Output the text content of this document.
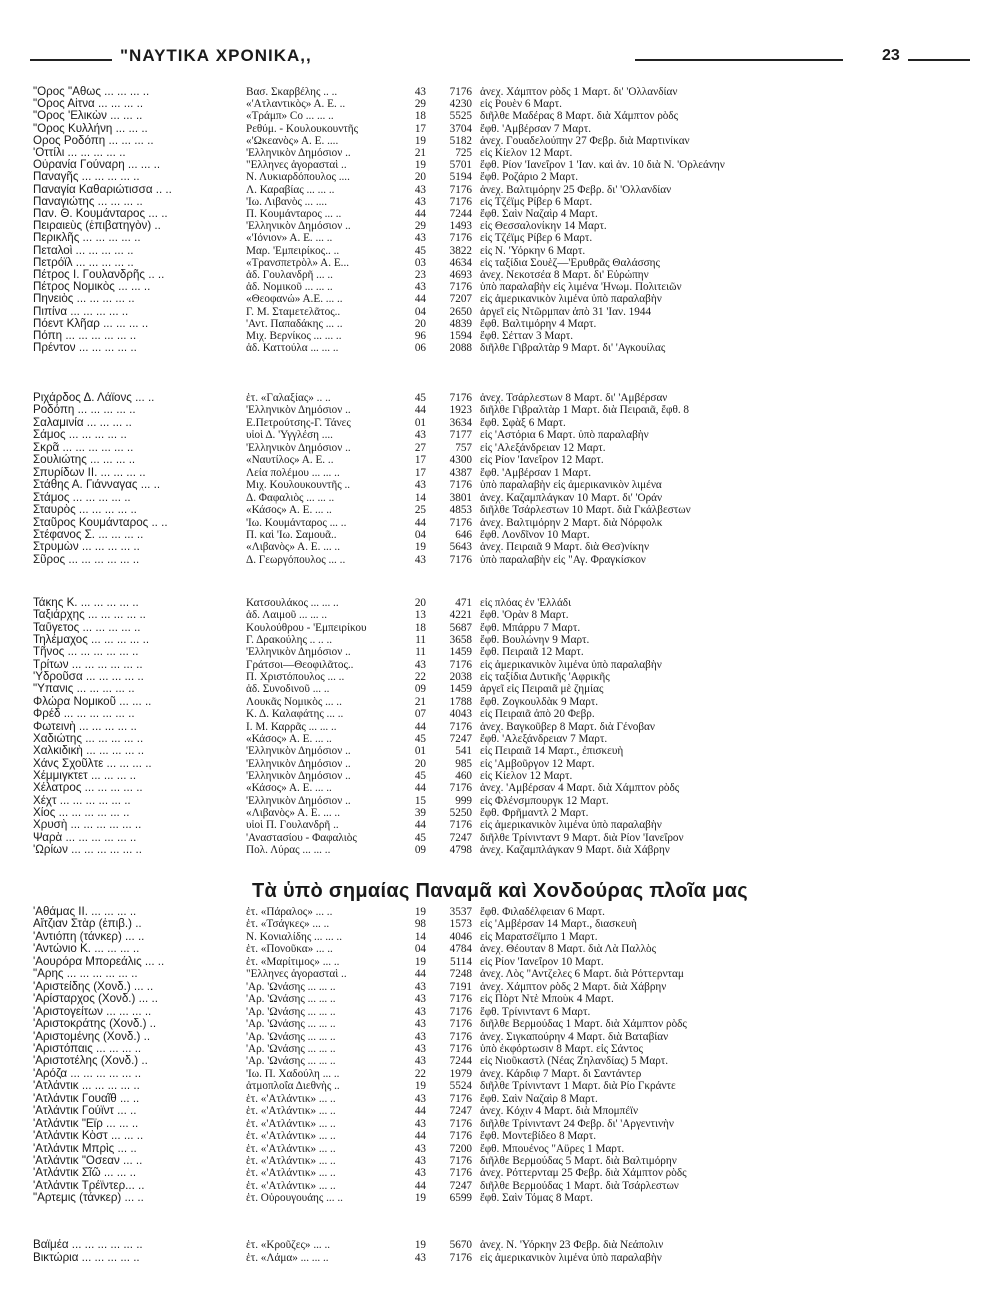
"ΝΑΥΤΙΚΑ ΧΡΟΝΙΚΑ,,	23
"Ορος "Αθως ... ... ... ..	Βασ. Σκαρβέλης .. ..	43	7176 ἀνεχ. Χάμπτον ρὸδς 1 Μαρτ. δι' 'Ολλανδίαν
"Ορος Αἶτνα ... ... ... ..	«'Ατλαντικὸς» Α. Ε. ..	29	4230 εἰς Ρουὲν 6 Μαρτ.
"Ορος 'Ελικὼν ... ... ..	«Τράμπ» Co ... ... ..	18	5525 διῆλθε Μαδέρας 8 Μαρτ. διὰ Χάμπτον ρὸδς
"Ορος Κυλλήνη ... ... ..	Ρεθύμ. - Κουλουκουντῆς	17	3704 ἔφθ. 'Αμβέρσαν 7 Μαρτ.
Ορος Ροδόπη ... ... ... ..	«'Ωκεανὸς» Α. Ε. ....	19	5182 ἀνεχ. Γουαδελούπην 27 Φεβρ. διὰ Μαρτινίκαν
'Οττίλι ... ... ... ... ..	'Ελληνικὸν Δημόσιον ..	21	725 εἰς Κίελον 12 Μαρτ.
Οὐρανία Γούναρη ... ... ..	"Ελληνες ἀγορασταὶ ..	19	5701 ἔφθ. Ρίον 'Ιανεΐρον 1 'Ιαν. καὶ ἀν. 10 διὰ Ν. 'Ορλεάνην
Παναγῆς ... ... ... ... ..	Ν. Λυκιαρδόπουλος ....	20	5194 ἔφθ. Ροζάριο 2 Μαρτ.
Παναγία Καθαριώτισσα .. ..	Λ. Καραβίας ... ... ..	43	7176 ἀνεχ. Βαλτιμόρην 25 Φεβρ. δι' 'Ολλανδίαν
Παναγιώτης ... ... ... ..	'Ιω. Λιβανὸς ... ....	43	7176 εἰς Τζέϊμς Ρίβερ 6 Μαρτ.
Παν. Θ. Κουμάνταρος ... ..	Π. Κουμάνταρος ... ..	44	7244 ἔφθ. Σαὶν Ναζαὶρ 4 Μαρτ.
Πειραιεὺς (ἐπιβατηγὸν) ..	'Ελληνικὸν Δημόσιον ..	29	1493 εἰς Θεσσαλονίκην 14 Μαρτ.
Περικλῆς ... ... ... ... ..	«'Ιόνιον» Α. Ε. ... ..	43	7176 εἰς Τζέϊμς Ρίβερ 6 Μαρτ.
Πεταλοὶ ... ... ... ... ..	Μαρ. 'Εμπειρίκος.. ..	45	3822 εἰς Ν. 'Υόρκην 6 Μαρτ.
Πετρόϊλ ... ... ... ... ..	«Τρανσπετρὸλ» Α. Ε...	03	4634 εἰς ταξίδια Σουὲζ—'Ερυθρᾶς Θαλάσσης
Πέτρος Ι. Γουλανδρῆς .. ..	ἀδ. Γουλανδρῆ ... ..	23	4693 ἀνεχ. Νεκοτσέα 8 Μαρτ. δι' Εὐρώπην
Πέτρος Νομικὸς ... ... ..	ἀδ. Νομικοῦ ... ... ..	43	7176 ὑπὸ παραλαβὴν εἰς λιμένα 'Ηνωμ. Πολιτειῶν
Πηνειὸς ... ... ... ... ..	«Θεοφανώ» Α.Ε. ... ..	44	7207 εἰς ἀμερικανικὸν λιμένα ὑπὸ παραλαβὴν
Πιπίνα ... ... ... ... ..	Γ. Μ. Σταμετελᾶτος..	04	2650 ἀργεῖ εἰς Ντῶρμπαν ἀπὸ 31 'Ιαν. 1944
Πόεντ Κλῆαρ ... ... ... ..	'Αντ. Παπαδάκης ... ..	20	4839 ἔφθ. Βαλτιμόρην 4 Μαρτ.
Πόπη ... ... ... ... ... ..	Μιχ. Βερνίκος ... ... ..	96	1594 ἔφθ. Σέτταν 3 Μαρτ.
Πρέντον ... ... ... ... ..	ἀδ. Καττούλα ... ... ..	06	2088 διῆλθε Γιβραλτὰρ 9 Μαρτ. δι' 'Αγκουίλας
Ριχάρδος Δ. Λάϊονς ... ..	ἑτ. «Γαλαξίας» .. ..	45	7176 ἀνεχ. Τσάρλεστων 8 Μαρτ. δι' 'Αμβέρσαν
Ροδόπη ... ... ... ... ..	'Ελληνικὸν Δημόσιον ..	44	1923 διῆλθε Γιβραλτὰρ 1 Μαρτ. διὰ Πειραιᾶ, ἔφθ. 8
Σαλαμινία ... ... ... ..	Ε.Πετρούτσης-Γ. Τάνες	01	3634 ἔφθ. Σφὰξ 6 Μαρτ.
Σάμος ... ... ... ... ..	υἱοὶ Δ. 'Υγγλέση ....	43	7177 εἰς 'Αστόρια 6 Μαρτ. ὑπὸ παραλαβὴν
Σκρᾶ ... ... ... ... ... ..	'Ελληνικὸν Δημόσιον ..	27	757 εἰς 'Αλεξάνδρειαν 12 Μαρτ.
Σουλιώτης ... ... ... ..	«Ναυτίλος» Α. Ε. ..	17	4300 εἰς Ρίον 'Ιανεΐρον 12 Μαρτ.
Σπυρίδων ΙΙ. ... ... ... ..	Λεία πολέμου ... ... ..	17	4387 ἔφθ. 'Αμβέρσαν 1 Μαρτ.
Στάθης Α. Γιάνναγας ... ..	Μιχ. Κουλουκουντῆς ..	43	7176 ὑπὸ παραλαβὴν εἰς ἀμερικανικὸν λιμένα
Στάμος ... ... ... ... ..	Δ. Φαφαλιὸς ... ... ..	14	3801 ἀνεχ. Καζαμπλάγκαν 10 Μαρτ. δι' 'Οράν
Σταυρὸς ... ... ... ... ..	«Κάσος» Α. Ε. ... ..	25	4853 διῆλθε Τσάρλεστων 10 Μαρτ. διὰ Γκάλβεστων
Σταῦρος Κουμάνταρος .. ..	'Ιω. Κουμάνταρος ... ..	44	7176 ἀνεχ. Βαλτιμόρην 2 Μαρτ. διὰ Νόρφολκ
Στέφανος Σ. ... ... ... ..	Π. καὶ 'Ιω. Σαμουᾶ..	04	646 ἔφθ. Λονδῖνον 10 Μαρτ.
Στρυμὼν ... ... ... ... ..	«Λιβανὸς» Α. Ε. ... ..	19	5643 ἀνεχ. Πειραιᾶ 9 Μαρτ. διὰ Θεσ)νίκην
Σῦρος ... ... ... ... ... ..	Δ. Γεωργόπουλος ... ..	43	7176 ὑπὸ παραλαβὴν εἰς "Αγ. Φραγκίσκον
Τάκης Κ. ... ... ... ... ..	Κατσουλάκος ... ... ..	20	471 εἰς πλόας ἐν 'Ελλάδι
Ταξιάρχης ... ... ... ... ..	ἀδ. Λαιμοῦ ... ... ..	13	4221 ἔφθ. 'Ορὰν 8 Μαρτ.
Ταΰγετος ... ... ... ... ..	Κουλούθρου - 'Εμπειρίκου	18	5687 ἔφθ. Μπάρρυ 7 Μαρτ.
Τηλέμαχος ... ... ... ... ..	Γ. Δρακούλης .. .. ..	11	3658 ἔφθ. Βουλώνην 9 Μαρτ.
Τῆνος ... ... ... ... ... ..	'Ελληνικὸν Δημόσιον ..	11	1459 ἔφθ. Πειραιᾶ 12 Μαρτ.
Τρίτων ... ... ... ... ... ..	Γράτσοι—Θεοφιλᾶτος..	43	7176 εἰς ἀμερικανικὸν λιμένα ὑπὸ παραλαβὴν
'Υδροῦσα ... ... ... ... ..	Π. Χριστόπουλος ... ..	22	2038 εἰς ταξίδια Δυτικῆς 'Αφρικῆς
"Υπανις ... ... ... ... ..	ἀδ. Συνοδινοῦ ... ..	09	1459 ἀργεῖ εἰς Πειραιᾶ μὲ ζημίας
Φλώρα Νομικοῦ ... ... ..	Λουκᾶς Νομικὸς ... ..	21	1788 ἔφθ. Ζογκουλδὰκ 9 Μαρτ.
Φρέδ ... ... ... ... ... ..	Κ. Δ. Καλαφάτης ... ..	07	4043 εἰς Πειραιᾶ ἀπὸ 20 Φεβρ.
Φωτεινὴ ... ... ... ... ..	Ι. Μ. Καρρᾶς ... ... ..	44	7176 ἀνεχ. Βαγκοῦβερ 8 Μαρτ. διὰ Γένοβαν
Χαδιώτης ... ... ... ... ..	«Κάσος» Α. Ε. ... ..	45	7247 ἔφθ. 'Αλεξάνδρειαν 7 Μαρτ.
Χαλκιδικὴ ... ... ... ... ..	'Ελληνικὸν Δημόσιον ..	01	541 εἰς Πειραιᾶ 14 Μαρτ., ἐπισκευὴ
Χάνς Σχοῦλτε ... ... ... ..	'Ελληνικὸν Δημόσιον ..	20	985 εἰς 'Αμβοῦργον 12 Μαρτ.
Χέμμιγκτετ ... ... ... ..	'Ελληνικὸν Δημόσιον ..	45	460 εἰς Κίελον 12 Μαρτ.
Χέλατρος ... ... ... ... ..	«Κάσος» Α. Ε. ... ..	44	7176 ἀνεχ. 'Αμβέρσαν 4 Μαρτ. διὰ Χάμπτον ρὸδς
Χέχτ ... ... ... ... ... ..	'Ελληνικὸν Δημόσιον ..	15	999 εἰς Φλένσμπουργκ 12 Μαρτ.
Χίος ... ... ... ... ... ..	«Λιβανὸς» Α. Ε. ... ..	39	5250 ἔφθ. Φρῆμαντλ 2 Μαρτ.
Χρυσὴ ... ... ... ... ... ..	υἱοὶ Π. Γουλανδρῆ ..	44	7176 εἰς ἀμερικανικὸν λιμένα ὑπὸ παραλαβὴν
Ψαρὰ ... ... ... ... ... ..	'Αναστασίου - Φαφαλιὸς	45	7247 διῆλθε Τρίνινταντ 9 Μαρτ. διὰ Ρίον 'Ιανεΐρον
'Ωρίων ... ... ... ... ... ..	Πολ. Λύρας ... ... ..	09	4798 ἀνεχ. Καζαμπλάγκαν 9 Μαρτ. διὰ Χάβρην
'Αθάμας ΙΙ. ... ... ... ..	ἑτ. «Πάραλος» ... ..	19	3537 ἔφθ. Φιλαδέλφειαν 6 Μαρτ.
Αἴτζιαν Στὰρ (ἐπιβ.) ..	ἑτ. «Τσάγκες» ... ..	98	1573 εἰς 'Αμβέρσαν 14 Μαρτ., διασκευὴ
'Αντιόπη (τάνκερ) ... ..	Ν. Κονιαλίδης ... ... ..	14	4046 εἰς Μαρατσέϊμπο 1 Μαρτ.
'Αντώνιο Κ. ... ... ... ..	ἑτ. «Πονοῦκα» ... ..	04	4784 ἀνεχ. Θέουταν 8 Μαρτ. διὰ Λὰ Παλλὸς
'Αουρόρα Μπορεάλις ... ..	ἑτ. «Μαρίτιμος» ... ..	19	5114 εἰς Ρίον 'Ιανεΐρον 10 Μαρτ.
"Αρης ... ... ... ... ... ..	"Ελληνες ἀγορασταὶ ..	44	7248 ἀνεχ. Λὸς "Αντζελες 6 Μαρτ. διὰ Ρόττερνταμ
'Αριστείδης (Χονδ.) ... ..	'Αρ. 'Ωνάσης ... ... ..	43	7191 ἀνεχ. Χάμπτον ρὸδς 2 Μαρτ. διὰ Χάβρην
'Αρίσταρχος (Χονδ.) ... ..	'Αρ. 'Ωνάσης ... ... ..	43	7176 εἰς Πὸρτ Ντὲ Μποὺκ 4 Μαρτ.
'Αριστογείτων ... ... ... ..	'Αρ. 'Ωνάσης ... ... ..	43	7176 ἔφθ. Τρίνινταντ 6 Μαρτ.
'Αριστοκράτης (Χονδ.) ..	'Αρ. 'Ωνάσης ... ... ..	43	7176 διῆλθε Βερμούδας 1 Μαρτ. διὰ Χάμπτον ρὸδς
'Αριστομένης (Χονδ.) ..	'Αρ. 'Ωνάσης ... ... ..	43	7176 ἀνεχ. Σιγκαπούρην 4 Μαρτ. διὰ Βαταβίαν
'Αριστόπαις ... ... ... ..	'Αρ. 'Ωνάσης ... ... ..	43	7176 ὑπὸ ἐκφόρτωσιν 8 Μαρτ. εἰς Σάντος
'Αριστοτέλης (Χονδ.) ..	'Αρ. 'Ωνάσης ... ... ..	43	7244 εἰς Νιοῦκαστλ (Νέας Ζηλανδίας) 5 Μαρτ.
'Αρόζα ... ... ... ... ... ..	'Ιω. Π. Χαδούλη ... ..	22	1979 ἀνεχ. Κάρδιφ 7 Μαρτ. δι Σαντάντερ
'Ατλάντικ ... ... ... ... ..	ἀτμοπλοΐα Διεθνὴς ..	19	5524 διῆλθε Τρίνινταντ 1 Μαρτ. διὰ Ρίο Γκράντε
'Ατλάντικ Γουαῖθ ... ..	ἑτ. «'Ατλάντικ» ... ..	43	7176 ἔφθ. Σαὶν Ναζαὶρ 8 Μαρτ.
'Ατλάντικ Γούϊντ ... ..	ἑτ. «'Ατλάντικ» ... ..	44	7247 ἀνεχ. Κόχιν 4 Μαρτ. διὰ Μπομπέϊν
'Ατλάντικ "Εϊρ ... ... ..	ἑτ. «'Ατλάντικ» ... ..	43	7176 διῆλθε Τρίνινταντ 24 Φεβρ. δι' 'Αργεντινὴν
'Ατλάντικ Κὸστ ... ... ..	ἑτ. «'Ατλάντικ» ... ..	44	7176 ἔφθ. Μοντεβίδεο 8 Μαρτ.
'Ατλάντικ Μπρὶς ... ..	ἑτ. «'Ατλάντικ» ... ..	43	7200 ἔφθ. Μπουένος "Αϋρες 1 Μαρτ.
'Ατλάντικ "Οσεαν ... ..	ἑτ. «'Ατλάντικ» ... ..	43	7176 διῆλθε Βερμούδας 5 Μαρτ. διὰ Βαλτιμόρην
'Ατλάντικ Σῖῶ ... ... ..	ἑτ. «'Ατλάντικ» ... ..	43	7176 ἀνεχ. Ρόττερνταμ 25 Φεβρ. διὰ Χάμπτον ρὸδς
'Ατλάντικ Τρέϊντερ... ..	ἑτ. «'Ατλάντικ» ... ..	44	7247 διῆλθε Βερμούδας 1 Μαρτ. διὰ Τσάρλεστων
"Αρτεμις (τάνκερ) ... ..	ἑτ. Οὐρουγουάης ... ..	19	6599 ἔφθ. Σαὶν Τόμας 8 Μαρτ.
Βαϊμέα ... ... ... ... ... ..	ἑτ. «Κροῦζες» ... ..	19	5670 ἀνεχ. Ν. 'Υόρκην 23 Φεβρ. διὰ Νεάπολιν
Βικτώρια ... ... ... ... ..	ἑτ. «Λάμα» ... ... ..	43	7176 εἰς ἀμερικανικὸν λιμένα ὑπὸ παραλαβὴν
Τὰ ὑπὸ σημαίας Παναμᾶ καὶ Χονδούρας πλοῖα μας
